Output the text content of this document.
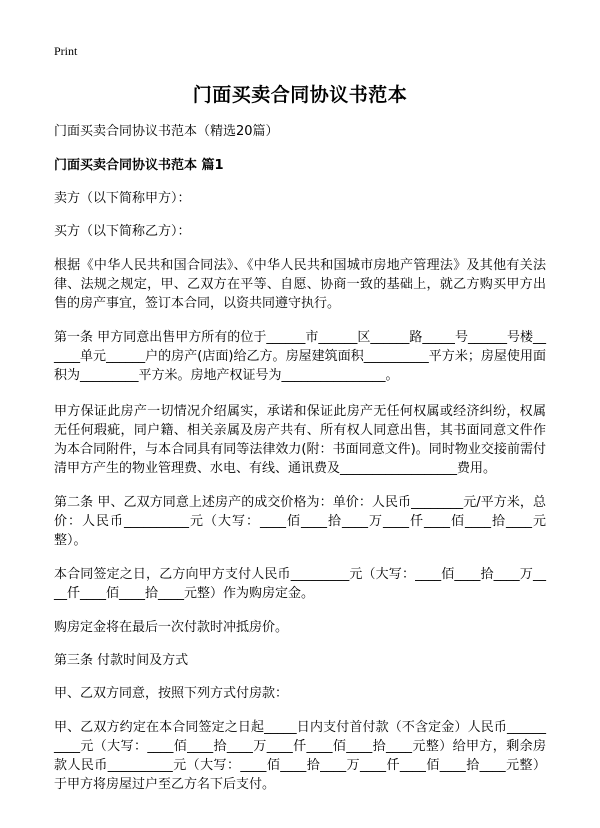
Print
门面买卖合同协议书范本

门面买卖合同协议书范本（精选20篇）

门面买卖合同协议书范本 篇1

卖方（以下简称甲方）：

买方（以下简称乙方）：

根据《中华人民共和国合同法》、《中华人民共和国城市房地产管理法》及其他有关法律、法规之规定，甲、乙双方在平等、自愿、协商一致的基础上，就乙方购买甲方出售的房产事宜，签订本合同，以资共同遵守执行。

第一条 甲方同意出售甲方所有的位于______市______区______路_____号______号楼______单元______户的房产(店面)给乙方。房屋建筑面积__________平方米；房屋使用面积为_________平方米。房地产权证号为________________。

甲方保证此房产一切情况介绍属实，承诺和保证此房产无任何权属或经济纠纷，权属无任何瑕疵，同户籍、相关亲属及房产共有、所有权人同意出售，其书面同意文件作为本合同附件，与本合同具有同等法律效力(附：书面同意文件)。同时物业交接前需付清甲方产生的物业管理费、水电、有线、通讯费及__________________费用。

第二条 甲、乙双方同意上述房产的成交价格为：单价：人民币________元/平方米，总价：人民币__________元（大写：____佰____拾____万____仟____佰____拾____元整）。

本合同签定之日，乙方向甲方支付人民币_________元（大写：____佰____拾____万____仟____佰____拾____元整）作为购房定金。

购房定金将在最后一次付款时冲抵房价。

第三条 付款时间及方式

甲、乙双方同意，按照下列方式付房款：

甲、乙双方约定在本合同签定之日起_____日内支付首付款（不含定金）人民币__________元（大写：____佰____拾____万____仟____佰____拾____元整）给甲方，剩余房款人民币__________元（大写：____佰____拾____万____仟____佰____拾____元整）于甲方将房屋过户至乙方名下后支付。
